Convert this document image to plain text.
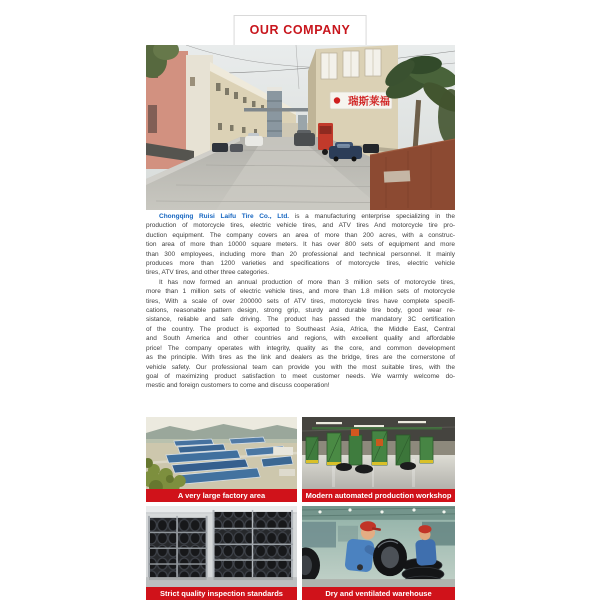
OUR COMPANY
瑞斯莱福
Chongqing Ruisi Laifu Tire Co., Ltd. is a manufacturing enterprise specializing in the
production of motorcycle tires, electric vehicle tires, and ATV tires And motorcycle tire pro-
duction equipment. The company covers an area of more than 200 acres, with a construc-
tion area of more than 10000 square meters. It has over 800 sets of equipment and more
than 300 employees, including more than 20 professional and technical personnel. It mainly
produces more than 1200 varieties and specifications of motorcycle tires, electric vehicle
tires, ATV tires, and other three categories.
It has now formed an annual production of more than 3 million sets of motorcycle tires,
more than 1 million sets of electric vehicle tires, and more than 1.8 million sets of motorcycle
tires, With a scale of over 200000 sets of ATV tires, motorcycle tires have complete specifi-
cations, reasonable pattern design, strong grip, sturdy and durable tire body, good wear re-
sistance, reliable and safe driving. The product has passed the mandatory 3C certification
of the country. The product is exported to Southeast Asia, Africa, the Middle East, Central
and South America and other countries and regions, with excellent quality and affordable
price! The company operates with integrity, quality as the core, and common development
as the principle. With tires as the link and dealers as the bridge, tires are the cornerstone of
vehicle safety. Our professional team can provide you with the most suitable tires, with the
goal of maximizing product satisfaction to meet customer needs. We warmly welcome do-
mestic and foreign customers to come and discuss cooperation!
A very large factory area	Modern automated production workshop
Strict quality inspection standards	Dry and ventilated warehouse
